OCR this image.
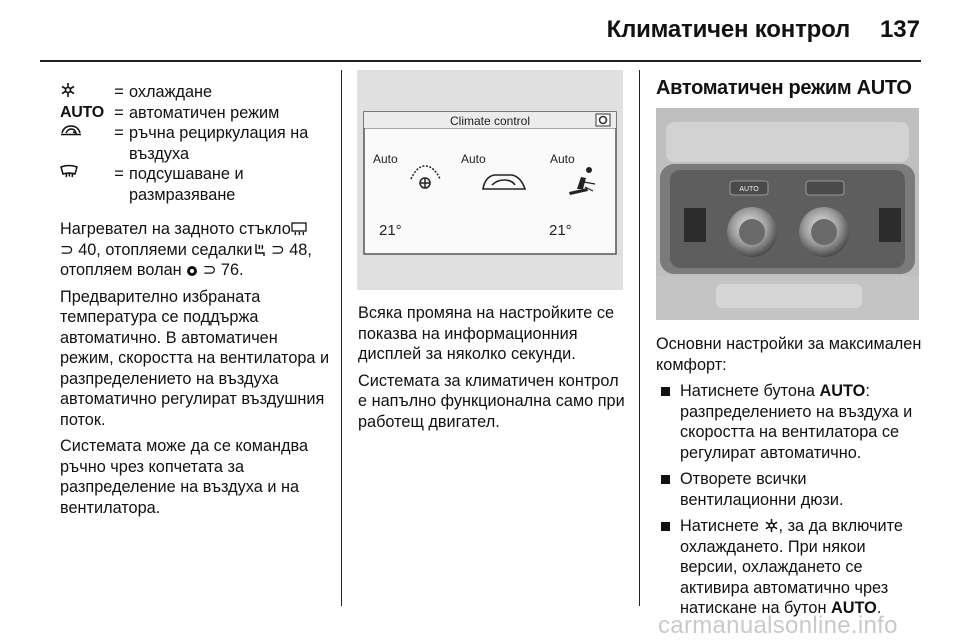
Климатичен контрол 137
= охлаждане
AUTO = автоматичен режим
= ръчна рециркулация на въздуха
= подсушаване и размразяване

Нагревател на задното стъкло
⊃ 40, отопляеми седалки ⊃ 48,
отопляем волан ⊃ 76.

Предварително избраната температура се поддържа автоматично. В автоматичен режим, скоростта на вентилатора и разпределението на въздуха автоматично регулират въздушния поток.

Системата може да се командва ръчно чрез копчетата за разпределение на въздуха и на вентилатора.

Climate control
Auto	Auto	Auto
21°	21°

Всяка промяна на настройките се показва на информационния дисплей за няколко секунди.

Системата за климатичен контрол е напълно функционална само при работещ двигател.

Автоматичен режим AUTO
AUTO

Основни настройки за максимален комфорт:

Натиснете бутона AUTO: разпределението на въздуха и скоростта на вентилатора се регулират автоматично.
Отворете всички вентилационни дюзи.
Натиснете , за да включите охлаждането. При някои версии, охлаждането се активира автоматично чрез натискане на бутон AUTO.
carmanualsonline.info
